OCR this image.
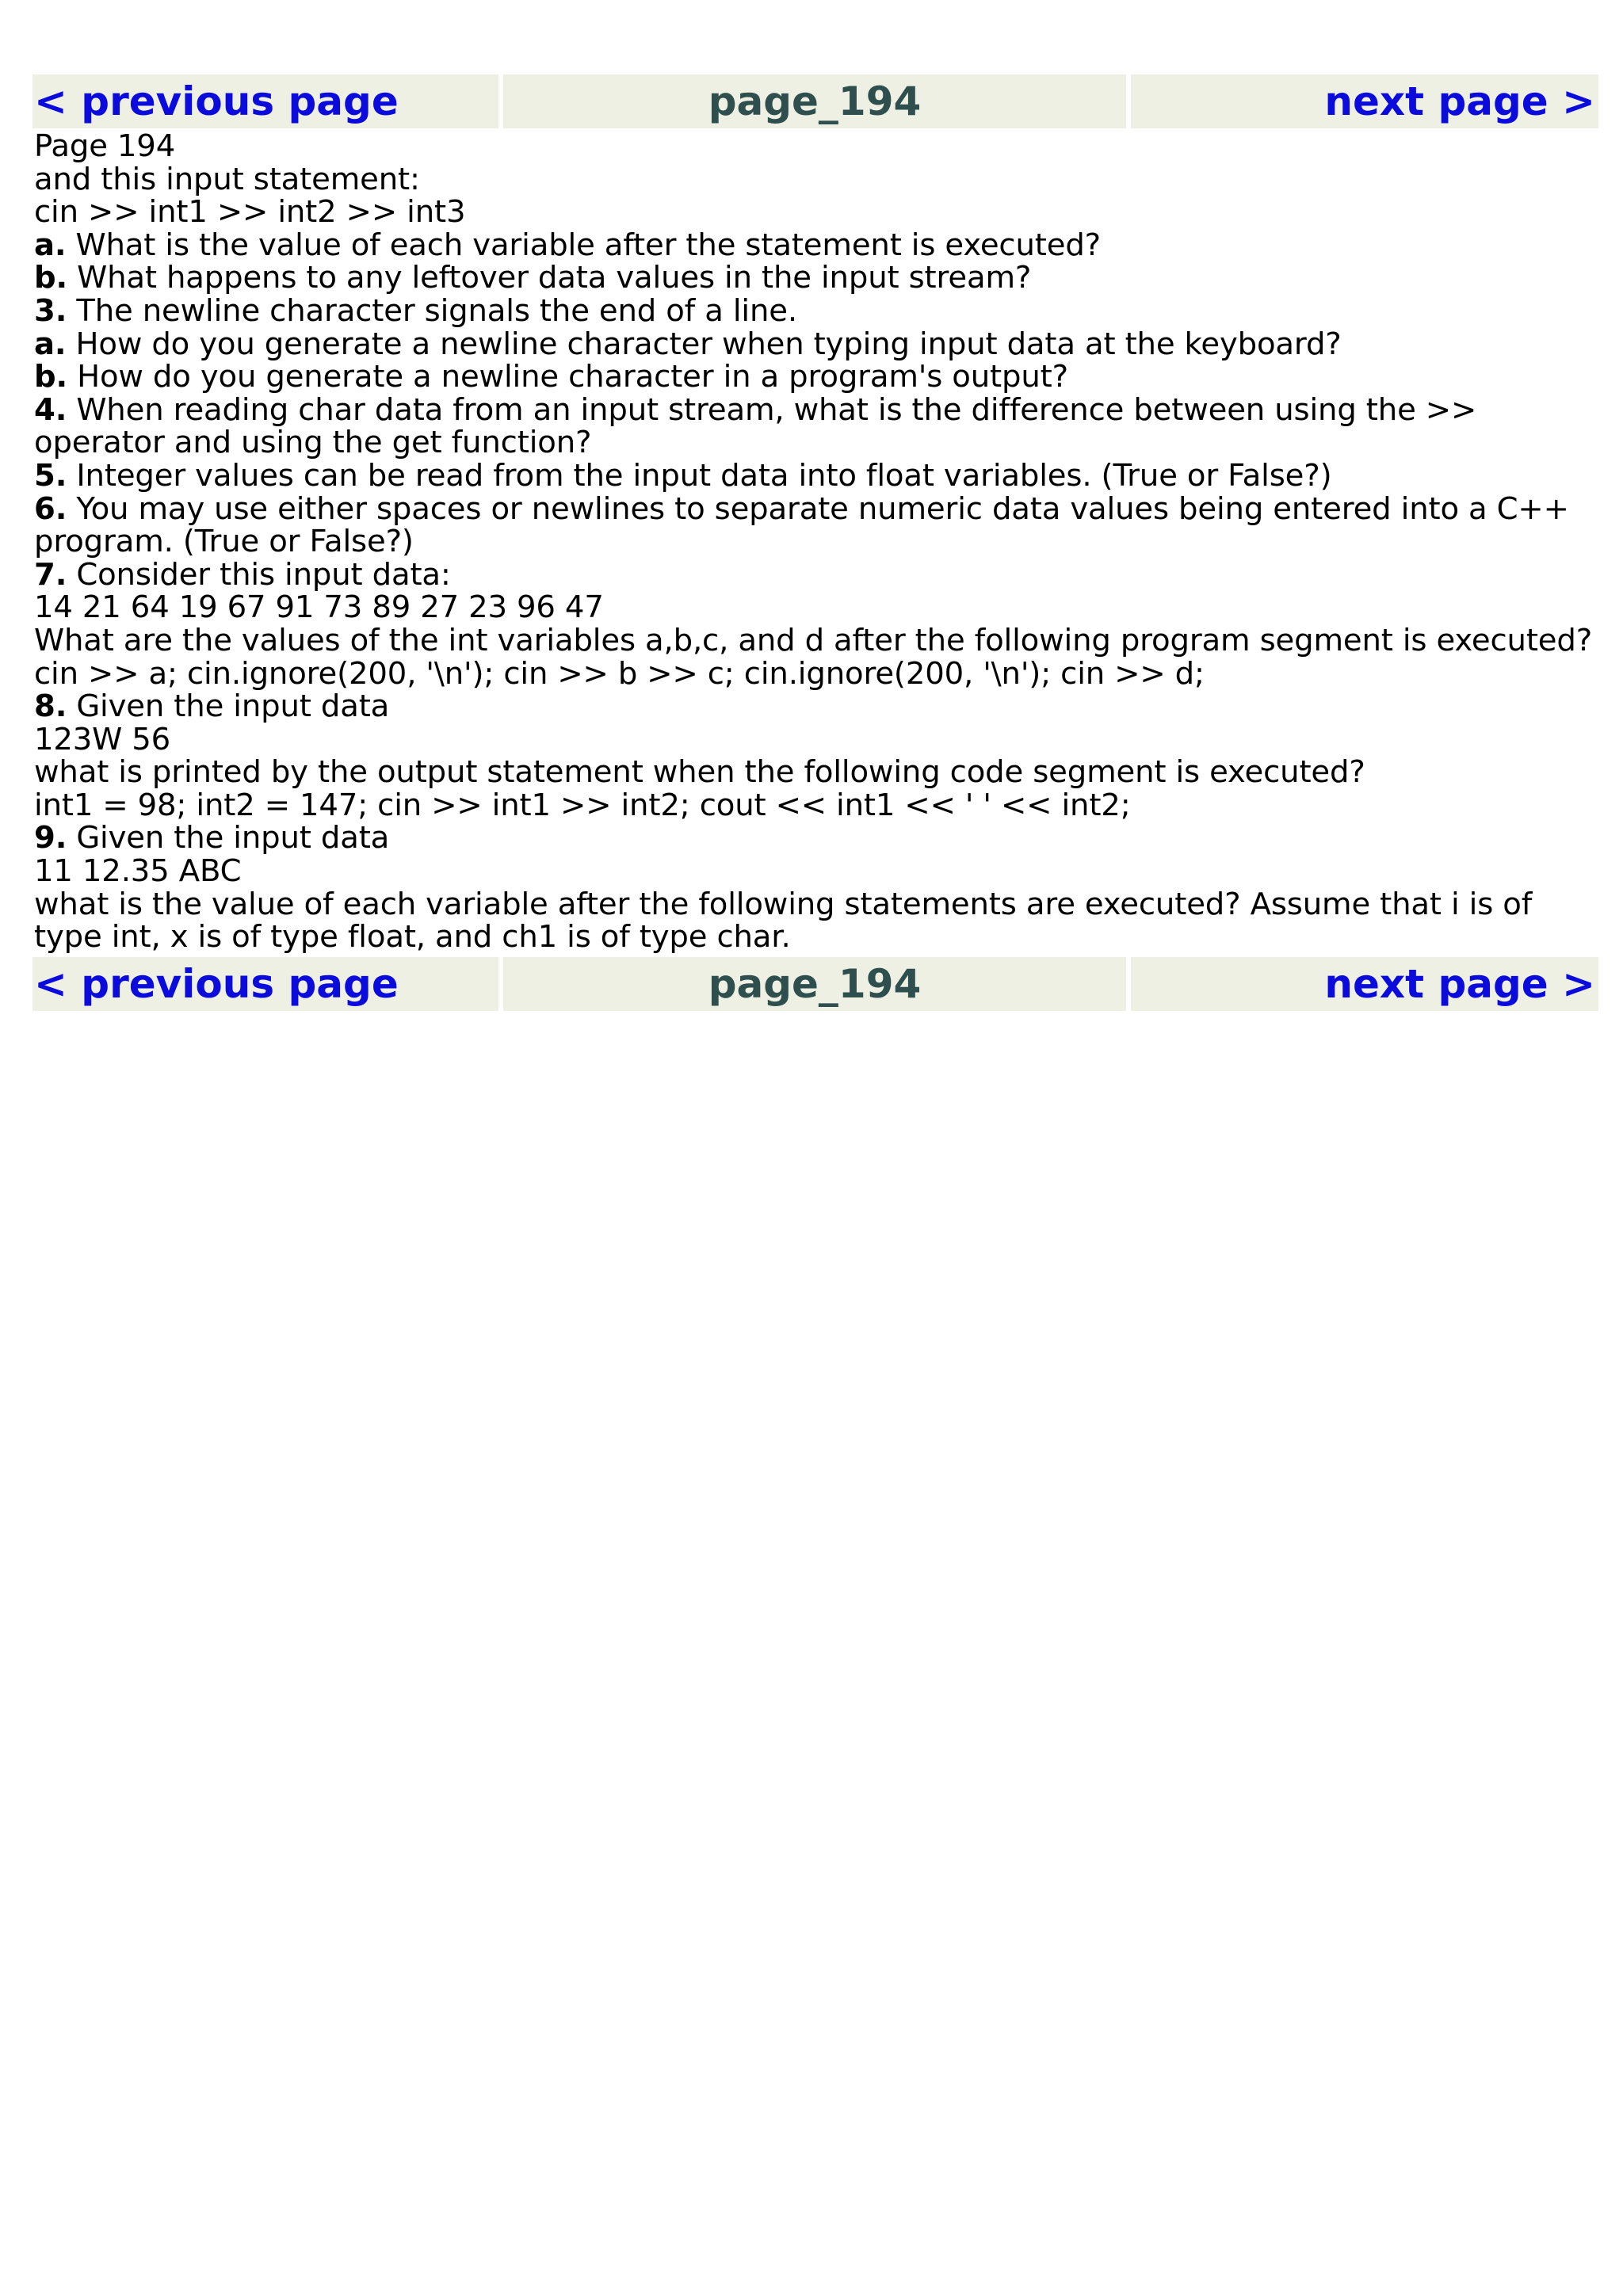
< previous page	page_194	next page >

Page 194

and this input statement:

cin >> int1 >> int2 >> int3

a. What is the value of each variable after the statement is executed?

b. What happens to any leftover data values in the input stream?

3. The newline character signals the end of a line.

a. How do you generate a newline character when typing input data at the keyboard?

b. How do you generate a newline character in a program's output?

4. When reading char data from an input stream, what is the difference between using the >> operator and using the get function?

5. Integer values can be read from the input data into float variables. (True or False?)

6. You may use either spaces or newlines to separate numeric data values being entered into a C++ program. (True or False?)

7. Consider this input data:

14 21 64 19 67 91 73 89 27 23 96 47

What are the values of the int variables a,b,c, and d after the following program segment is executed?

cin >> a; cin.ignore(200, '\n'); cin >> b >> c; cin.ignore(200, '\n'); cin >> d;

8. Given the input data

123W 56

what is printed by the output statement when the following code segment is executed?

int1 = 98; int2 = 147; cin >> int1 >> int2; cout << int1 << ' ' << int2;

9. Given the input data

11 12.35 ABC

what is the value of each variable after the following statements are executed? Assume that i is of type int, x is of type float, and ch1 is of type char.

< previous page	page_194	next page >
